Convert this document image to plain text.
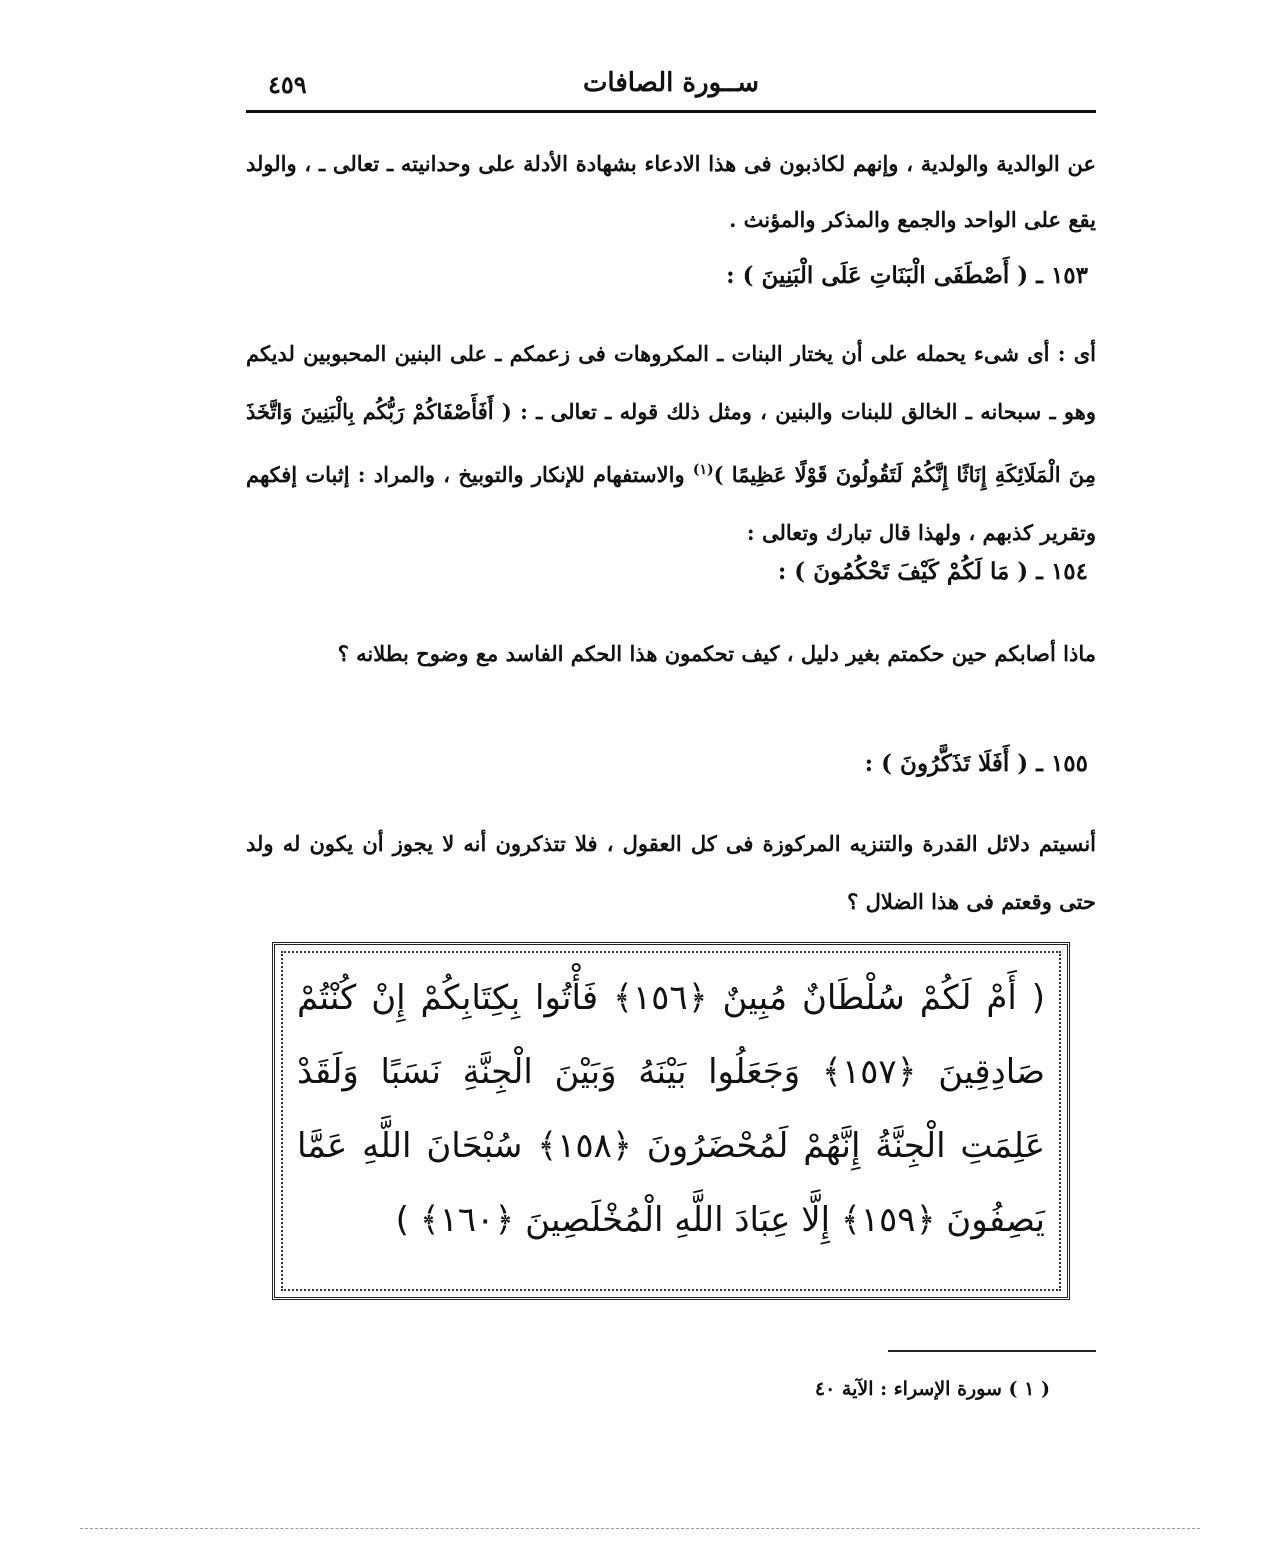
ســورة الصافات
٤٥٩
عن الوالدية والولدية ، وإنهم لكاذبون فى هذا الادعاء بشهادة الأدلة على وحدانيته ـ تعالى ـ ، والولد يقع على الواحد والجمع والمذكر والمؤنث .
١٥٣ ـ ( أَصْطَفَى الْبَنَاتِ عَلَى الْبَنِينَ ) :
أى : أى شىء يحمله على أن يختار البنات ـ المكروهات فى زعمكم ـ على البنين المحبوبين لديكم وهو ـ سبحانه ـ الخالق للبنات والبنين ، ومثل ذلك قوله ـ تعالى ـ : ( أَفَأَصْفَاكُمْ رَبُّكُم بِالْبَنِينَ وَاتَّخَذَ مِنَ الْمَلَائِكَةِ إِنَاثًا إِنَّكُمْ لَتَقُولُونَ قَوْلًا عَظِيمًا )$^{(١)}$ والاستفهام للإنكار والتوبيخ ، والمراد : إثبات إفكهم وتقرير كذبهم ، ولهذا قال تبارك وتعالى :
١٥٤ ـ ( مَا لَكُمْ كَيْفَ تَحْكُمُونَ ) :
ماذا أصابكم حين حكمتم بغير دليل ، كيف تحكمون هذا الحكم الفاسد مع وضوح بطلانه ؟
١٥٥ ـ ( أَفَلَا تَذَكَّرُونَ ) :
أنسيتم دلائل القدرة والتنزيه المركوزة فى كل العقول ، فلا تتذكرون أنه لا يجوز أن يكون له ولد حتى وقعتم فى هذا الضلال ؟
( أَمْ لَكُمْ سُلْطَانٌ مُبِينٌ ﴿١٥٦﴾ فَأْتُوا بِكِتَابِكُمْ إِنْ كُنْتُمْ صَادِقِينَ ﴿١٥٧﴾ وَجَعَلُوا بَيْنَهُ وَبَيْنَ الْجِنَّةِ نَسَبًا وَلَقَدْ عَلِمَتِ الْجِنَّةُ إِنَّهُمْ لَمُحْضَرُونَ ﴿١٥٨﴾ سُبْحَانَ اللَّهِ عَمَّا يَصِفُونَ ﴿١٥٩﴾ إِلَّا عِبَادَ اللَّهِ الْمُخْلَصِينَ ﴿١٦٠﴾ )
( ١ ) سورة الإسراء : الآية ٤٠
